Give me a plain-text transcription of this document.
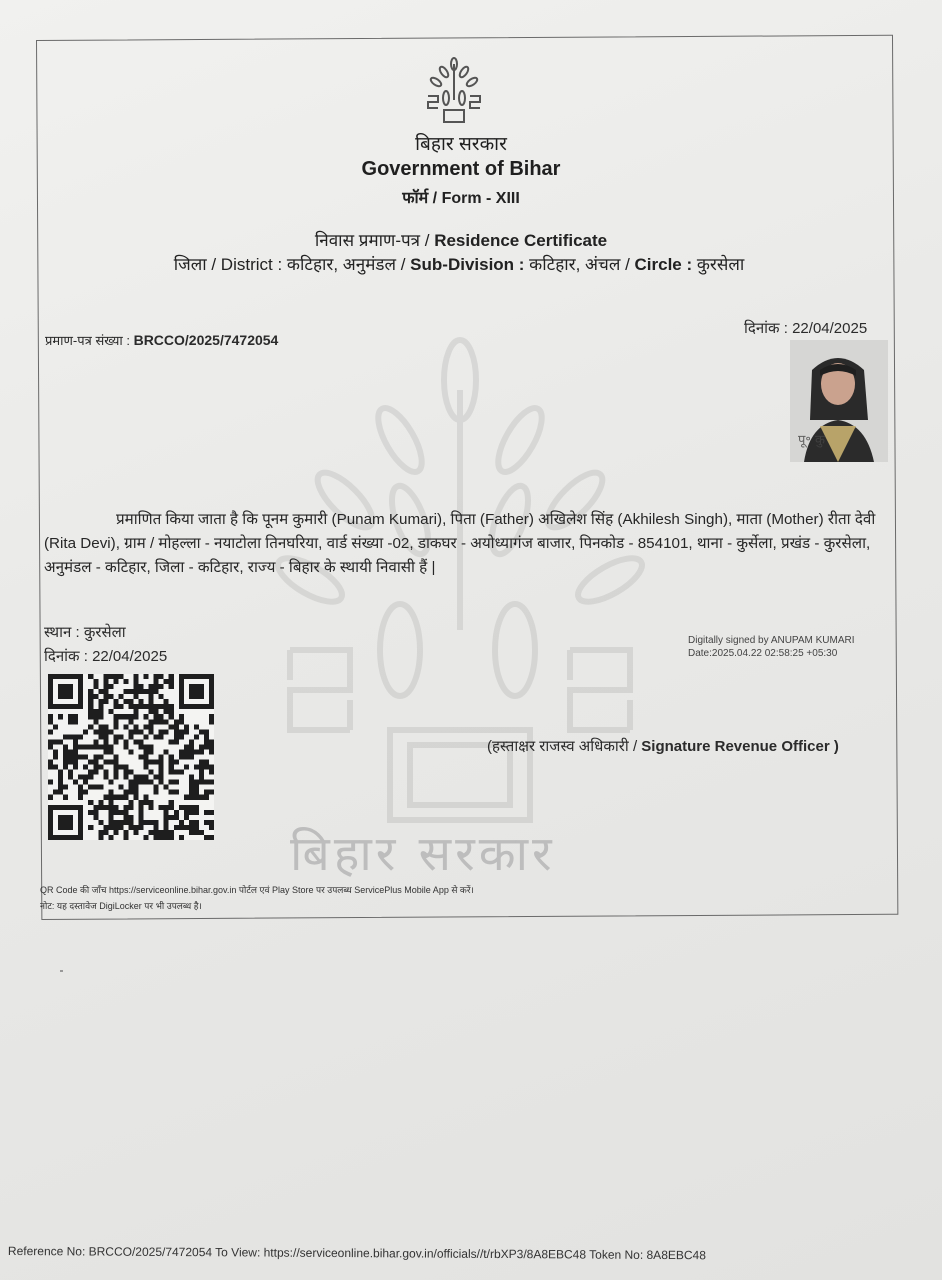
बिहार सरकार
बिहार सरकार
Government of Bihar
फॉर्म / Form - XIII
निवास प्रमाण-पत्र / Residence Certificate
जिला / District : कटिहार, अनुमंडल / Sub-Division : कटिहार, अंचल / Circle : कुरसेला
प्रमाण-पत्र संख्या : BRCCO/2025/7472054
दिनांक : 22/04/2025
पू॰ कु
प्रमाणित किया जाता है कि पूनम कुमारी (Punam Kumari), पिता (Father) अखिलेश सिंह (Akhilesh Singh), माता (Mother) रीता देवी (Rita Devi), ग्राम / मोहल्ला - नयाटोला तिनघरिया, वार्ड संख्या -02, डाकघर - अयोध्यागंज बाजार, पिनकोड - 854101, थाना - कुर्सेला, प्रखंड - कुरसेला, अनुमंडल - कटिहार, जिला - कटिहार, राज्य - बिहार के स्थायी निवासी हैं |
स्थान : कुरसेला
दिनांक : 22/04/2025
Digitally signed by ANUPAM KUMARI
Date:2025.04.22 02:58:25 +05:30
(हस्ताक्षर राजस्व अधिकारी / Signature Revenue Officer )
QR Code की जाँच https://serviceonline.bihar.gov.in पोर्टल एवं Play Store पर उपलब्ध ServicePlus Mobile App से करें।
नोट: यह दस्तावेज DigiLocker पर भी उपलब्ध है।
Reference No: BRCCO/2025/7472054 To View: https://serviceonline.bihar.gov.in/officials//t/rbXP3/8A8EBC48 Token No: 8A8EBC48
